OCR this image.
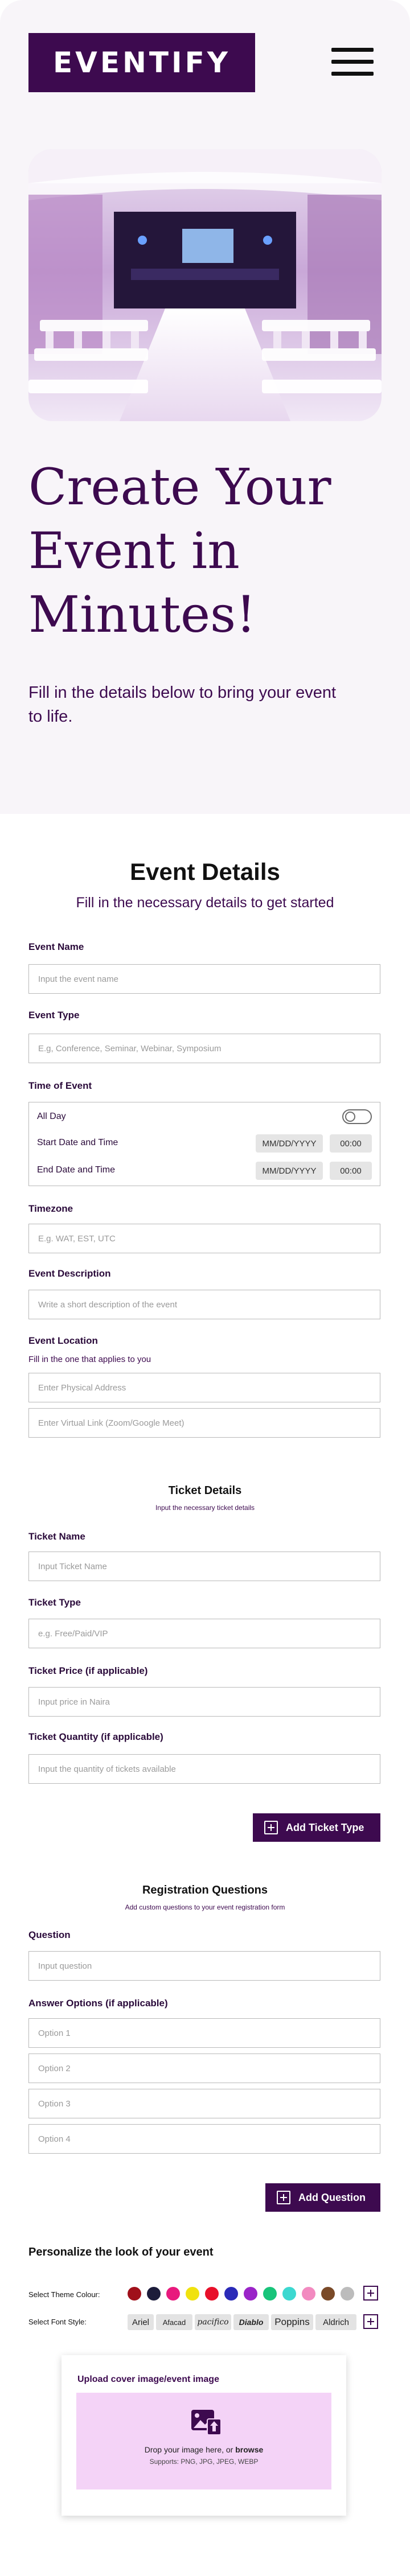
EVENTIFY
Create Your Event in Minutes!
Fill in the details below to bring your event to life.
Event Details
Fill in the necessary details to get started
Event Name
Input the event name
Event Type
E.g, Conference, Seminar, Webinar, Symposium
Time of Event
All Day
Start Date and Time	MM/DD/YYYY	00:00
End Date and Time	MM/DD/YYYY	00:00
Timezone
E.g. WAT, EST, UTC
Event Description
Write a short description of the event
Event Location
Fill in the one that applies to you
Enter Physical Address
Enter Virtual Link (Zoom/Google Meet)
Ticket Details
Input the necessary ticket details
Ticket Name
Input Ticket Name
Ticket Type
e.g. Free/Paid/VIP
Ticket Price (if applicable)
Input price in Naira
Ticket Quantity (if applicable)
Input the quantity of tickets available
Add Ticket Type
Registration Questions
Add custom questions to your event registration form
Question
Input question
Answer Options (if applicable)
Option 1
Option 2
Option 3
Option 4
Add Question
Personalize the look of your event
Select Theme Colour:
Select Font Style:	Ariel	Afacad	pacifico	Diablo	Poppins	Aldrich
Upload cover image/event image
Drop your image here, or browse
Supports: PNG, JPG, JPEG, WEBP
